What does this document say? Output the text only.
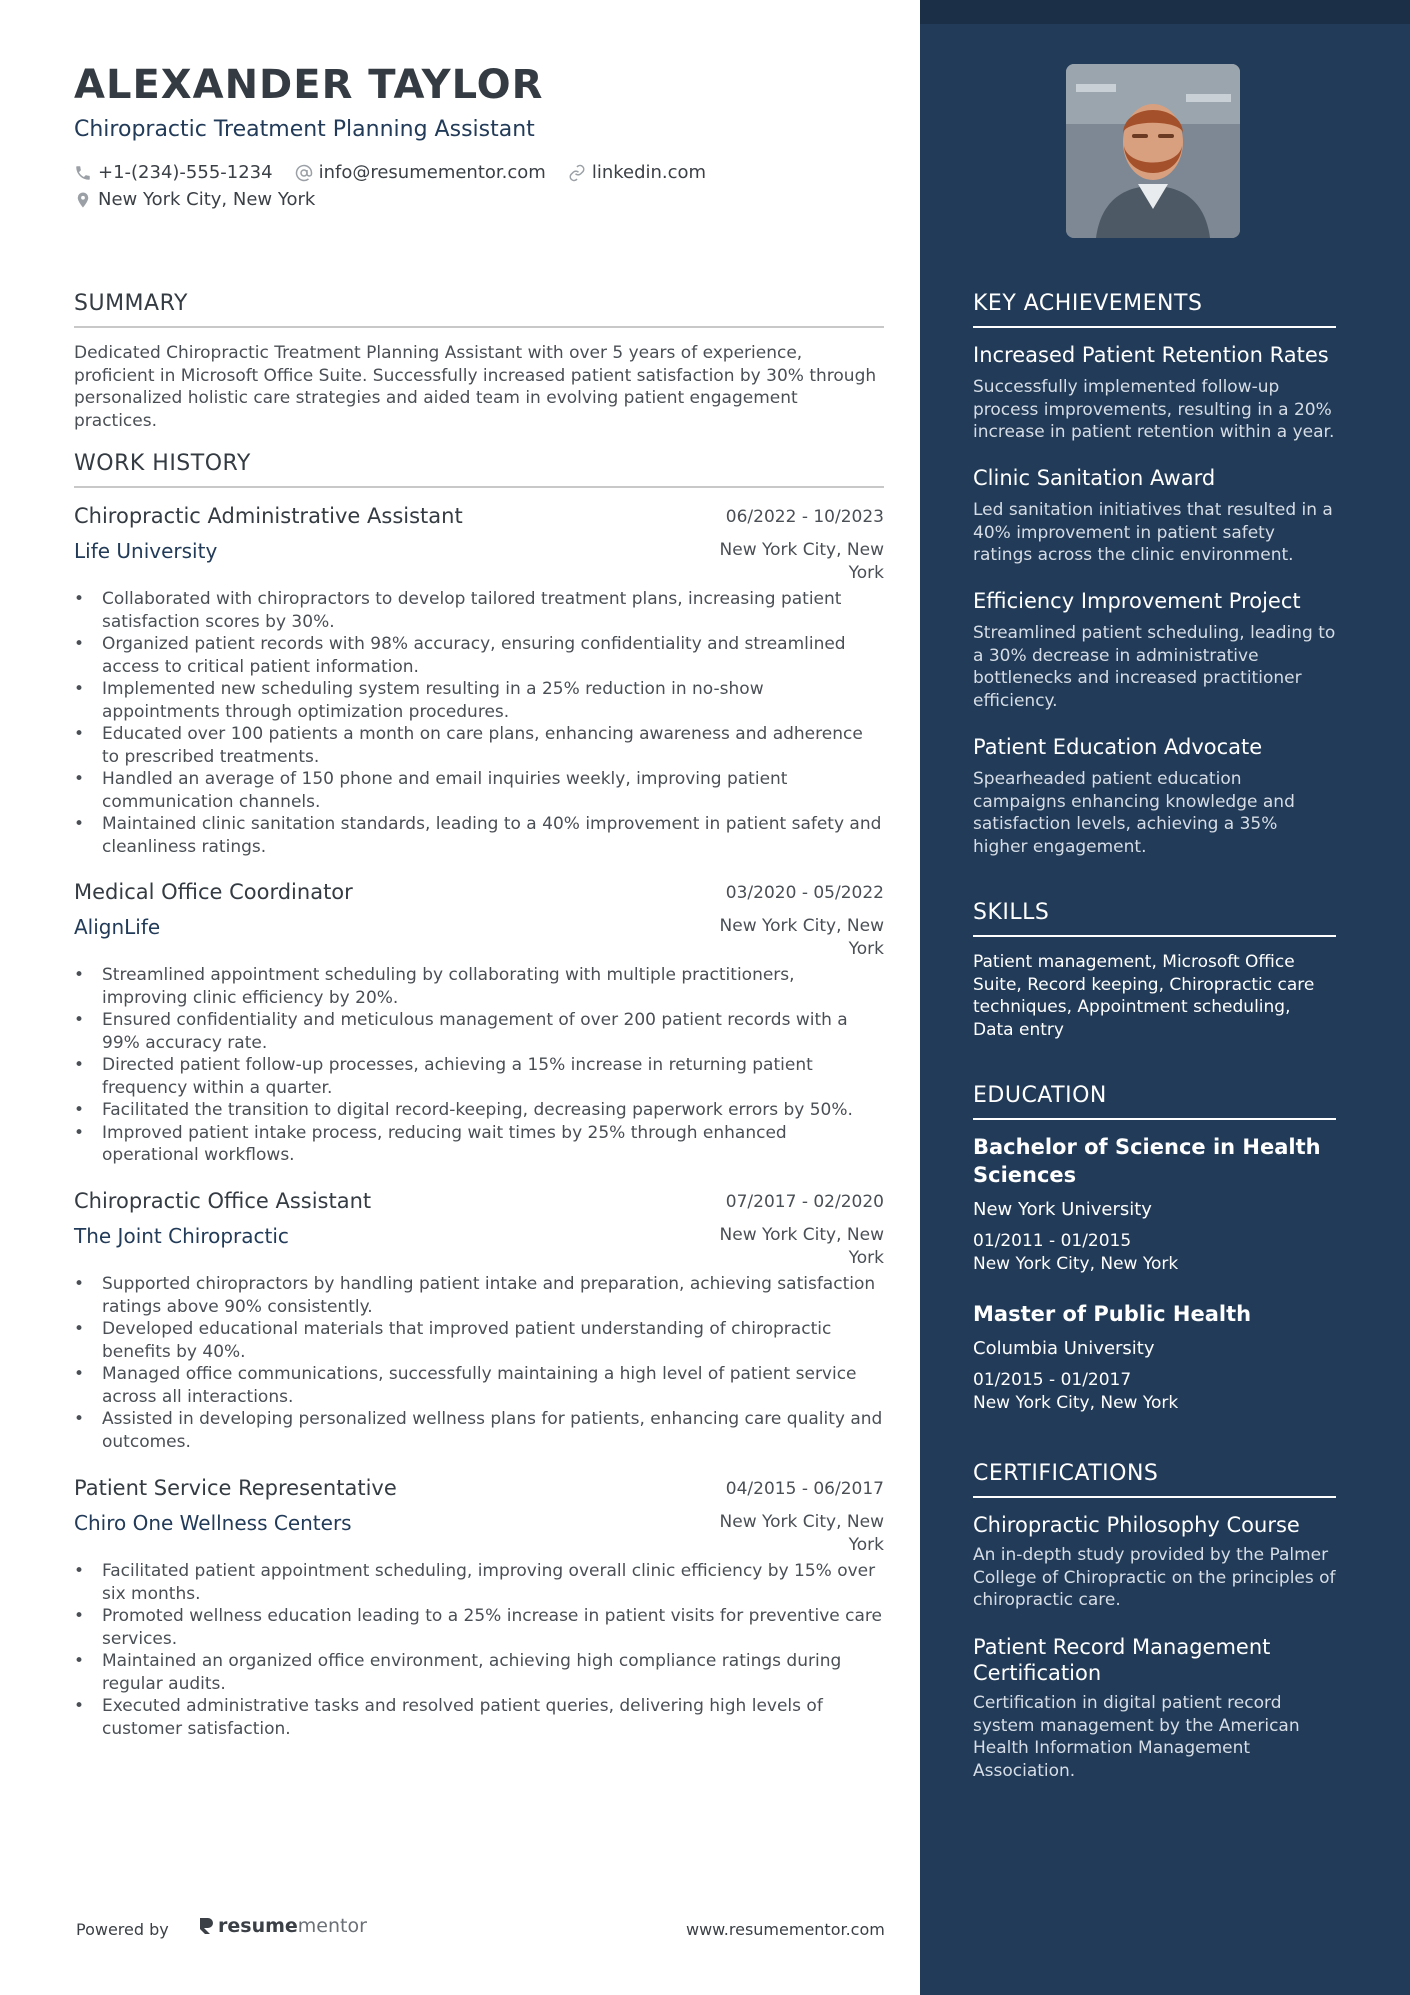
ALEXANDER TAYLOR
Chiropractic Treatment Planning Assistant
+1-(234)-555-1234	info@resumementor.com	linkedin.com
New York City, New York
SUMMARY

Dedicated Chiropractic Treatment Planning Assistant with over 5 years of experience, proficient in Microsoft Office Suite. Successfully increased patient satisfaction by 30% through personalized holistic care strategies and aided team in evolving patient engagement practices.

WORK HISTORY
Chiropractic Administrative Assistant	06/2022 - 10/2023
Life University	New York City, New York
• Collaborated with chiropractors to develop tailored treatment plans, increasing patient satisfaction scores by 30%.
• Organized patient records with 98% accuracy, ensuring confidentiality and streamlined access to critical patient information.
• Implemented new scheduling system resulting in a 25% reduction in no-show appointments through optimization procedures.
• Educated over 100 patients a month on care plans, enhancing awareness and adherence to prescribed treatments.
• Handled an average of 150 phone and email inquiries weekly, improving patient communication channels.
• Maintained clinic sanitation standards, leading to a 40% improvement in patient safety and cleanliness ratings.
Medical Office Coordinator	03/2020 - 05/2022
AlignLife	New York City, New York
• Streamlined appointment scheduling by collaborating with multiple practitioners, improving clinic efficiency by 20%.
• Ensured confidentiality and meticulous management of over 200 patient records with a 99% accuracy rate.
• Directed patient follow-up processes, achieving a 15% increase in returning patient frequency within a quarter.
• Facilitated the transition to digital record-keeping, decreasing paperwork errors by 50%.
• Improved patient intake process, reducing wait times by 25% through enhanced operational workflows.
Chiropractic Office Assistant	07/2017 - 02/2020
The Joint Chiropractic	New York City, New York
• Supported chiropractors by handling patient intake and preparation, achieving satisfaction ratings above 90% consistently.
• Developed educational materials that improved patient understanding of chiropractic benefits by 40%.
• Managed office communications, successfully maintaining a high level of patient service across all interactions.
• Assisted in developing personalized wellness plans for patients, enhancing care quality and outcomes.
Patient Service Representative	04/2015 - 06/2017
Chiro One Wellness Centers	New York City, New York
• Facilitated patient appointment scheduling, improving overall clinic efficiency by 15% over six months.
• Promoted wellness education leading to a 25% increase in patient visits for preventive care services.
• Maintained an organized office environment, achieving high compliance ratings during regular audits.
• Executed administrative tasks and resolved patient queries, delivering high levels of customer satisfaction.
Powered by	resume mentor	www.resumementor.com
KEY ACHIEVEMENTS
Increased Patient Retention Rates
Successfully implemented follow-up process improvements, resulting in a 20% increase in patient retention within a year.
Clinic Sanitation Award
Led sanitation initiatives that resulted in a 40% improvement in patient safety ratings across the clinic environment.
Efficiency Improvement Project
Streamlined patient scheduling, leading to a 30% decrease in administrative bottlenecks and increased practitioner efficiency.
Patient Education Advocate
Spearheaded patient education campaigns enhancing knowledge and satisfaction levels, achieving a 35% higher engagement.
SKILLS

Patient management, Microsoft Office Suite, Record keeping, Chiropractic care techniques, Appointment scheduling, Data entry

EDUCATION
Bachelor of Science in Health Sciences
New York University
01/2011 - 01/2015
New York City, New York
Master of Public Health
Columbia University
01/2015 - 01/2017
New York City, New York
CERTIFICATIONS
Chiropractic Philosophy Course
An in-depth study provided by the Palmer College of Chiropractic on the principles of chiropractic care.
Patient Record Management Certification
Certification in digital patient record system management by the American Health Information Management Association.
